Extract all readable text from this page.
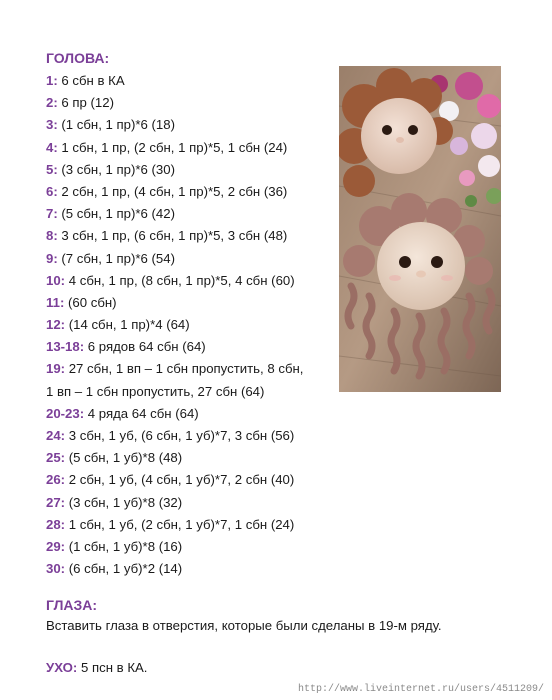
ГОЛОВА:
1: 6 сбн в КА
2: 6 пр (12)
3: (1 сбн, 1 пр)*6 (18)
4: 1 сбн, 1 пр, (2 сбн, 1 пр)*5, 1 сбн (24)
5: (3 сбн, 1 пр)*6 (30)
6: 2 сбн, 1 пр, (4 сбн, 1 пр)*5, 2 сбн (36)
7: (5 сбн, 1 пр)*6 (42)
8: 3 сбн, 1 пр, (6 сбн, 1 пр)*5, 3 сбн (48)
9: (7 сбн, 1 пр)*6 (54)
10: 4 сбн, 1 пр, (8 сбн, 1 пр)*5, 4 сбн (60)
11: (60 сбн)
12: (14 сбн, 1 пр)*4 (64)
13-18: 6 рядов 64 сбн (64)
19: 27 сбн, 1 вп – 1 сбн пропустить, 8 сбн,
1 вп – 1 сбн пропустить, 27 сбн (64)
20-23: 4 ряда 64 сбн (64)
24: 3 сбн, 1 уб, (6 сбн, 1 уб)*7, 3 сбн (56)
25: (5 сбн, 1 уб)*8 (48)
26: 2 сбн, 1 уб, (4 сбн, 1 уб)*7, 2 сбн (40)
27: (3 сбн, 1 уб)*8 (32)
28: 1 сбн, 1 уб, (2 сбн, 1 уб)*7, 1 сбн (24)
29: (1 сбн, 1 уб)*8 (16)
30: (6 сбн, 1 уб)*2 (14)
ГЛАЗА:

Вставить глаза в отверстия, которые были сделаны в 19-м ряду.

УХО: 5 псн в КА.

http://www.liveinternet.ru/users/4511209/
